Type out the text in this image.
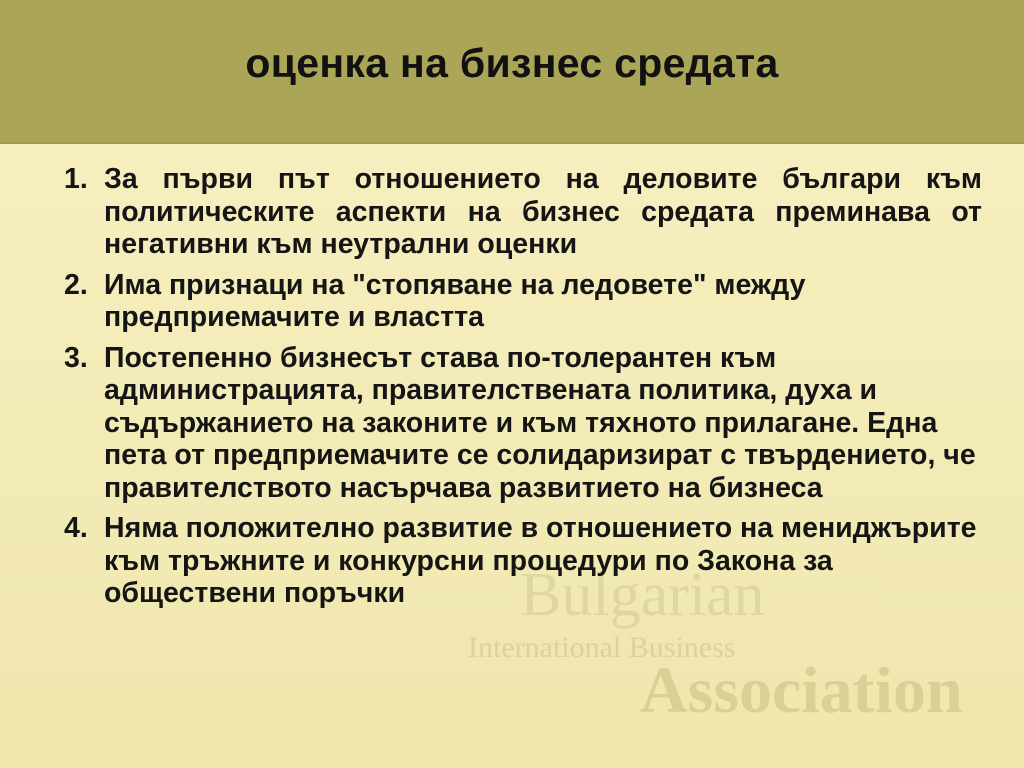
оценка на бизнес средата
Bulgarian
International Business
Association
1. За първи път отношението на деловите българи към политическите аспекти на бизнес средата преминава от негативни към неутрални оценки
2. Има признаци на "стопяване на ледовете" между предприемачите и властта
3. Постепенно бизнесът става по-толерантен към администрацията, правителствената политика, духа и съдържанието на законите и към тяхното прилагане. Една пета от предприемачите се солидаризират с твърдението, че правителството насърчава развитието на бизнеса
4. Няма положително развитие в отношението на мениджърите към тръжните и конкурсни процедури по Закона за обществени поръчки
